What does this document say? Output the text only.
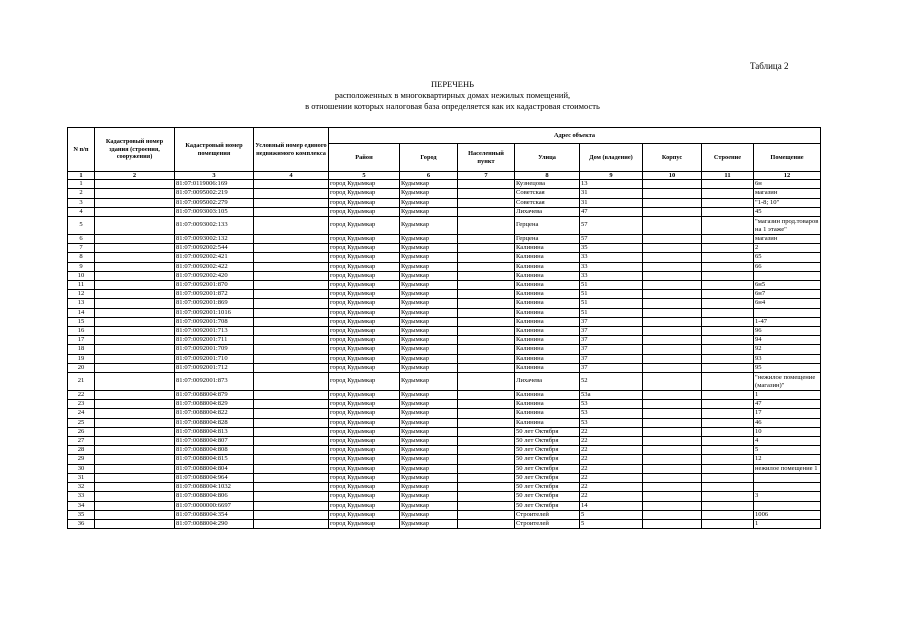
Таблица 2
ПЕРЕЧЕНЬ
расположенных в многоквартирных домах нежилых помещений,
в отношении которых налоговая база определяется как их кадастровая стоимость
N п/п	Кадастровый номер здания (строения, сооружения)	Кадастровый номер помещения	Условный номер единого недвижимого комплекса	Адрес объекта							
				Район	Город	Населенный пункт	Улица	Дом (владение)	Корпус	Строение	Помещение
1	2	3	4	5	6	7	8	9	10	11	12
1		81:07:0119006:169		город Кудымкар	Кудымкар		Кузнецова	13			6н
2		81:07:0095002:219		город Кудымкар	Кудымкар		Советская	31			магазин
3		81:07:0095002:279		город Кудымкар	Кудымкар		Советская	31			"1-8; 10"
4		81:07:0093003:105		город Кудымкар	Кудымкар		Лихачева	47			45
5		81:07:0093002:133		город Кудымкар	Кудымкар		Герцена	57			"магазин прод.товаров на 1 этаже"
6		81:07:0093002:132		город Кудымкар	Кудымкар		Герцена	57			магазин
7		81:07:0092002:544		город Кудымкар	Кудымкар		Калинина	35			2
8		81:07:0092002:421		город Кудымкар	Кудымкар		Калинина	33			65
9		81:07:0092002:422		город Кудымкар	Кудымкар		Калинина	33			66
10		81:07:0092002:420		город Кудымкар	Кудымкар		Калинина	33			
11		81:07:0092001:870		город Кудымкар	Кудымкар		Калинина	51			6н5
12		81:07:0092001:872		город Кудымкар	Кудымкар		Калинина	51			6н7
13		81:07:0092001:869		город Кудымкар	Кудымкар		Калинина	51			6н4
14		81:07:0092001:1016		город Кудымкар	Кудымкар		Калинина	51			
15		81:07:0092001:708		город Кудымкар	Кудымкар		Калинина	37			1-47
16		81:07:0092001:713		город Кудымкар	Кудымкар		Калинина	37			96
17		81:07:0092001:711		город Кудымкар	Кудымкар		Калинина	37			94
18		81:07:0092001:709		город Кудымкар	Кудымкар		Калинина	37			92
19		81:07:0092001:710		город Кудымкар	Кудымкар		Калинина	37			93
20		81:07:0092001:712		город Кудымкар	Кудымкар		Калинина	37			95
21		81:07:0092001:873		город Кудымкар	Кудымкар		Лихачева	52			"нежилое помещение (магазин)"
22		81:07:0088004:879		город Кудымкар	Кудымкар		Калинина	53а			1
23		81:07:0088004:829		город Кудымкар	Кудымкар		Калинина	53			47
24		81:07:0088004:822		город Кудымкар	Кудымкар		Калинина	53			17
25		81:07:0088004:828		город Кудымкар	Кудымкар		Калинина	53			46
26		81:07:0088004:813		город Кудымкар	Кудымкар		50 лет Октября	22			10
27		81:07:0088004:807		город Кудымкар	Кудымкар		50 лет Октября	22			4
28		81:07:0088004:808		город Кудымкар	Кудымкар		50 лет Октября	22			5
29		81:07:0088004:815		город Кудымкар	Кудымкар		50 лет Октября	22			12
30		81:07:0088004:804		город Кудымкар	Кудымкар		50 лет Октября	22			нежилое помещение 1
31		81:07:0088004:964		город Кудымкар	Кудымкар		50 лет Октября	22			
32		81:07:0088004:1032		город Кудымкар	Кудымкар		50 лет Октября	22			
33		81:07:0088004:806		город Кудымкар	Кудымкар		50 лет Октября	22			3
34		81:07:0000000:6697		город Кудымкар	Кудымкар		50 лет Октября	14			
35		81:07:0088004:354		город Кудымкар	Кудымкар		Строителей	5			1006
36		81:07:0088004:290		город Кудымкар	Кудымкар		Строителей	5			1
